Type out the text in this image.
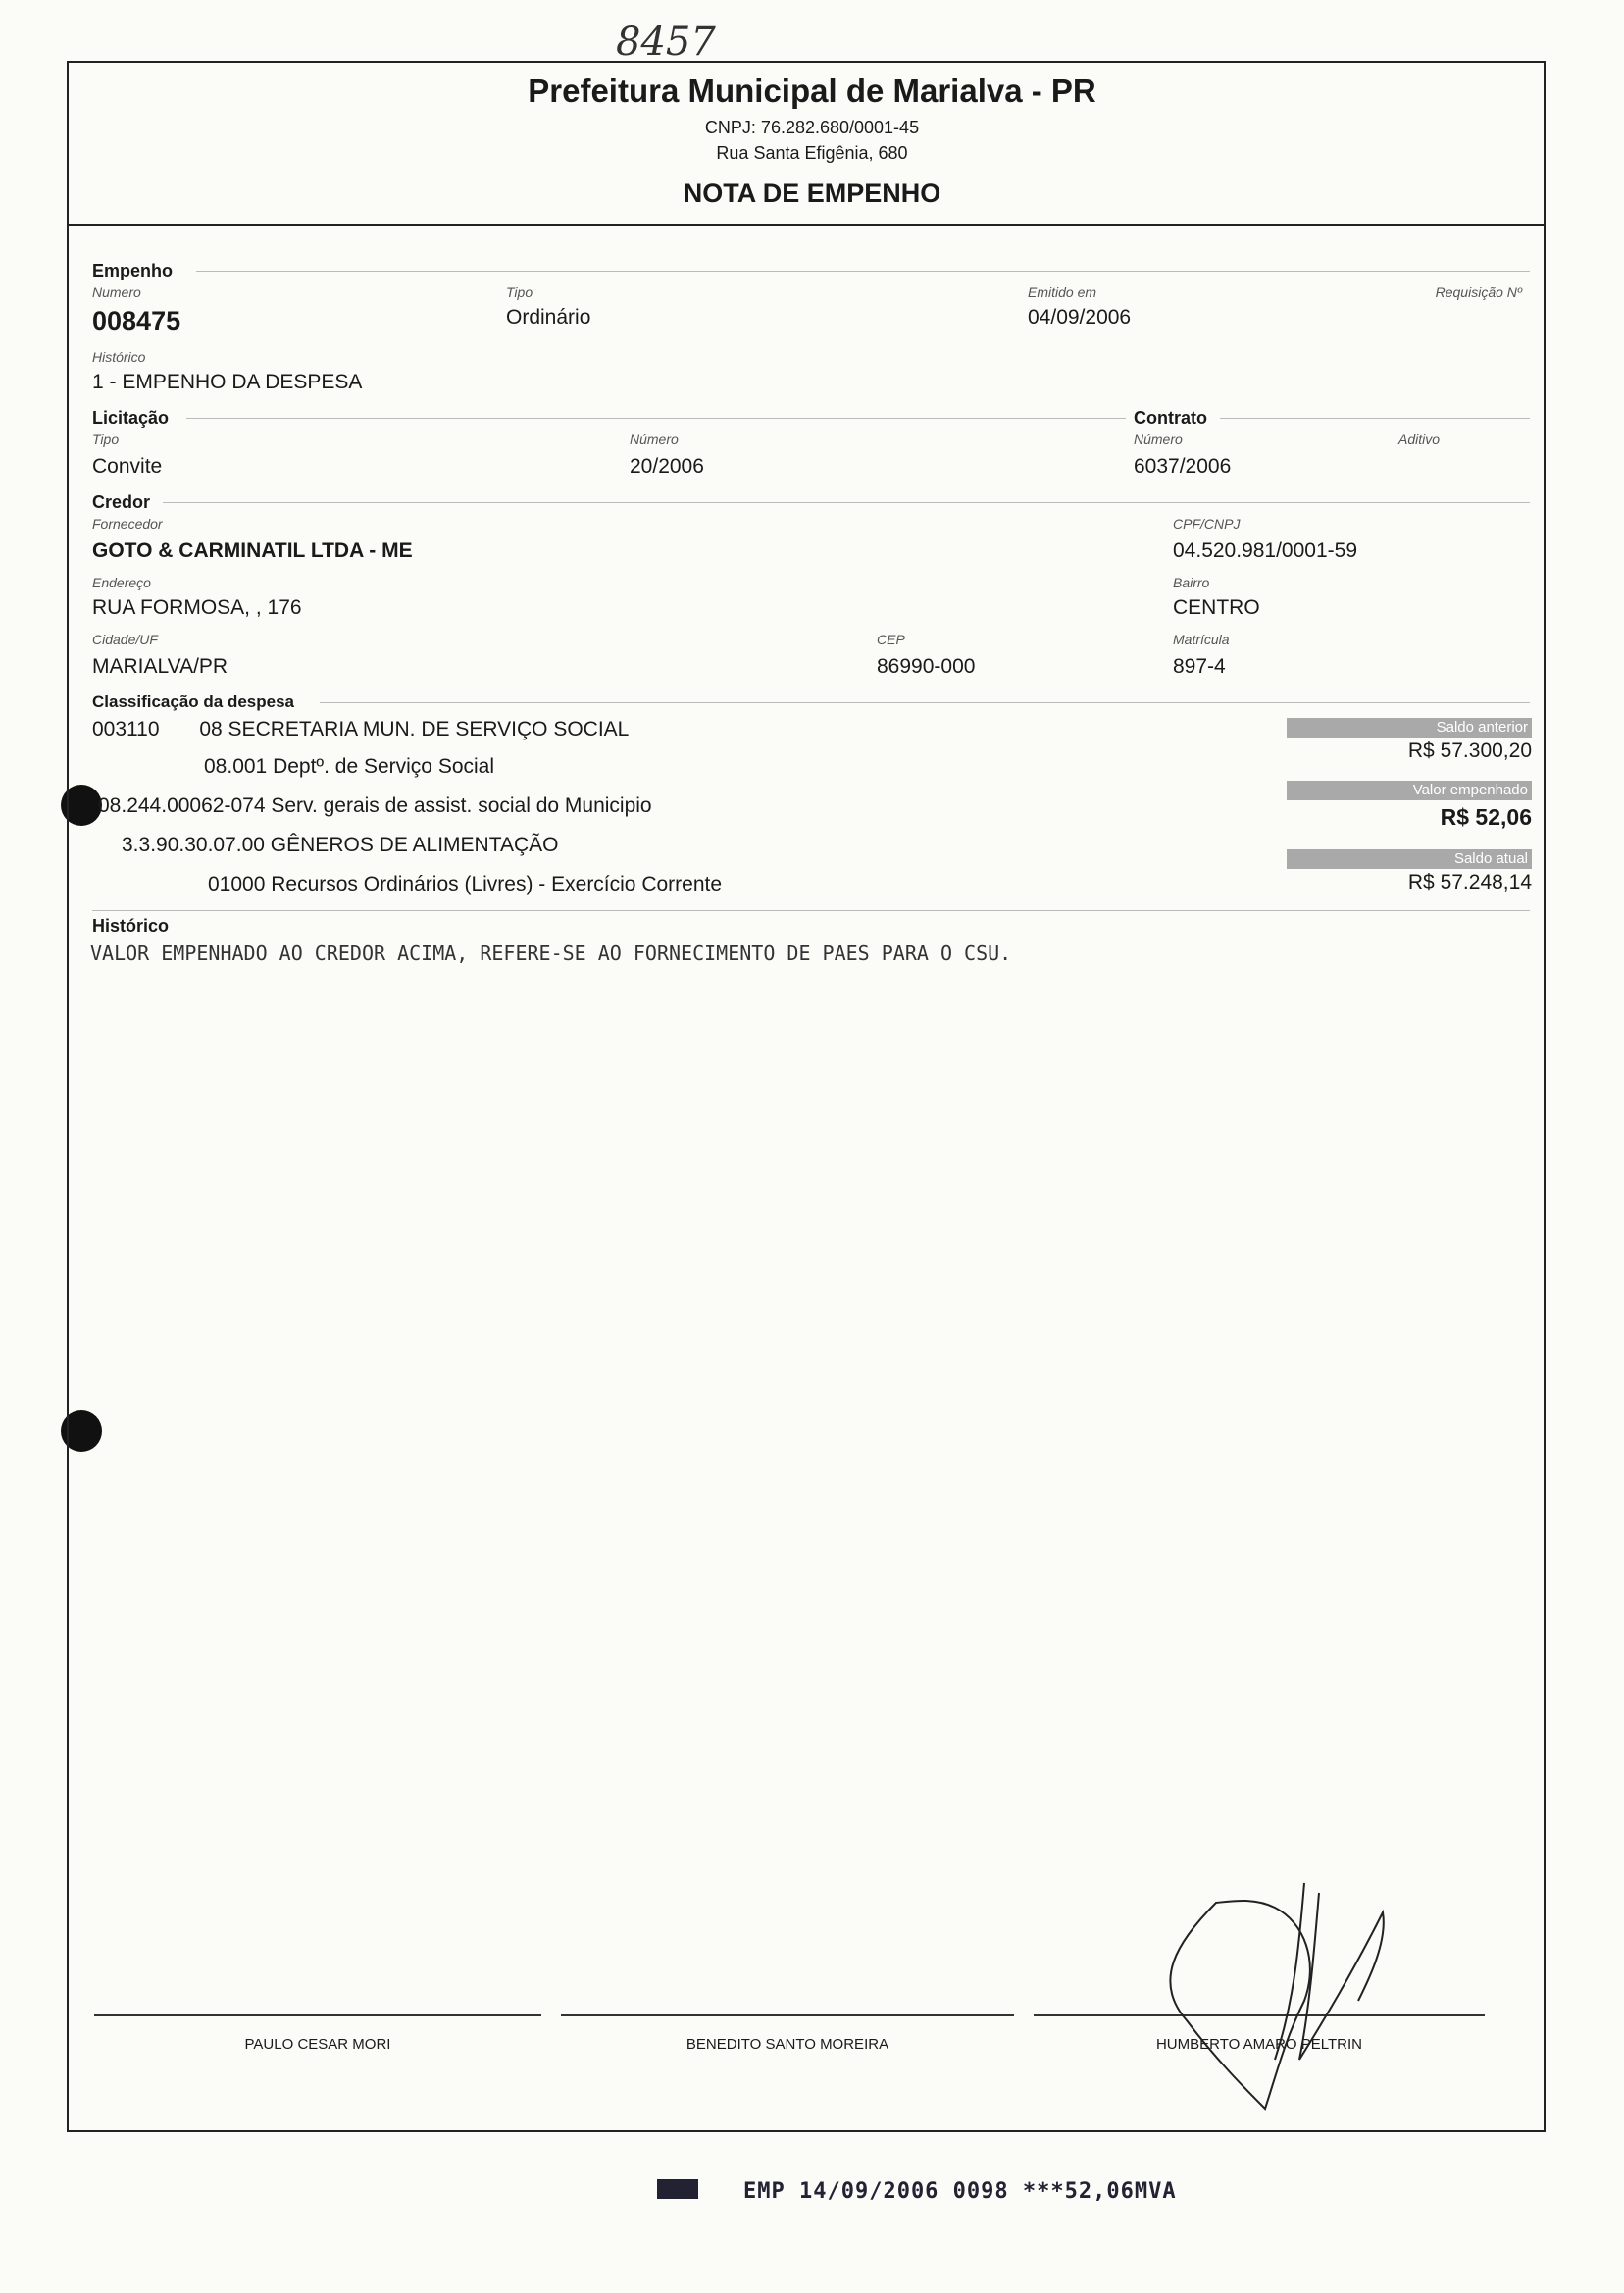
8457
Prefeitura Municipal de Marialva - PR
CNPJ: 76.282.680/0001-45
Rua Santa Efigênia, 680
NOTA DE EMPENHO
Empenho
Numero
008475
Tipo
Ordinário
Emitido em
04/09/2006
Requisição Nº
Histórico
1 - EMPENHO DA DESPESA
Licitação	Contrato
Tipo
Convite
Número
20/2006
Número
6037/2006
Aditivo
Credor
Fornecedor
GOTO & CARMINATIL LTDA - ME
CPF/CNPJ
04.520.981/0001-59
Endereço
RUA FORMOSA, , 176
Bairro
CENTRO
Cidade/UF
MARIALVA/PR
CEP
86990-000
Matrícula
897-4
Classificação da despesa
003110       08 SECRETARIA MUN. DE SERVIÇO SOCIAL
08.001 Deptº. de Serviço Social
08.244.00062-074 Serv. gerais de assist. social do Municipio
3.3.90.30.07.00 GÊNEROS DE ALIMENTAÇÃO
01000 Recursos Ordinários (Livres) - Exercício Corrente
Saldo anterior
R$ 57.300,20
Valor empenhado
R$ 52,06
Saldo atual
R$ 57.248,14
Histórico
VALOR EMPENHADO AO CREDOR ACIMA, REFERE-SE AO FORNECIMENTO DE PAES PARA O CSU.
PAULO CESAR MORI	BENEDITO SANTO MOREIRA	HUMBERTO AMARO PELTRIN
EMP 14/09/2006 0098 ***52,06MVA
